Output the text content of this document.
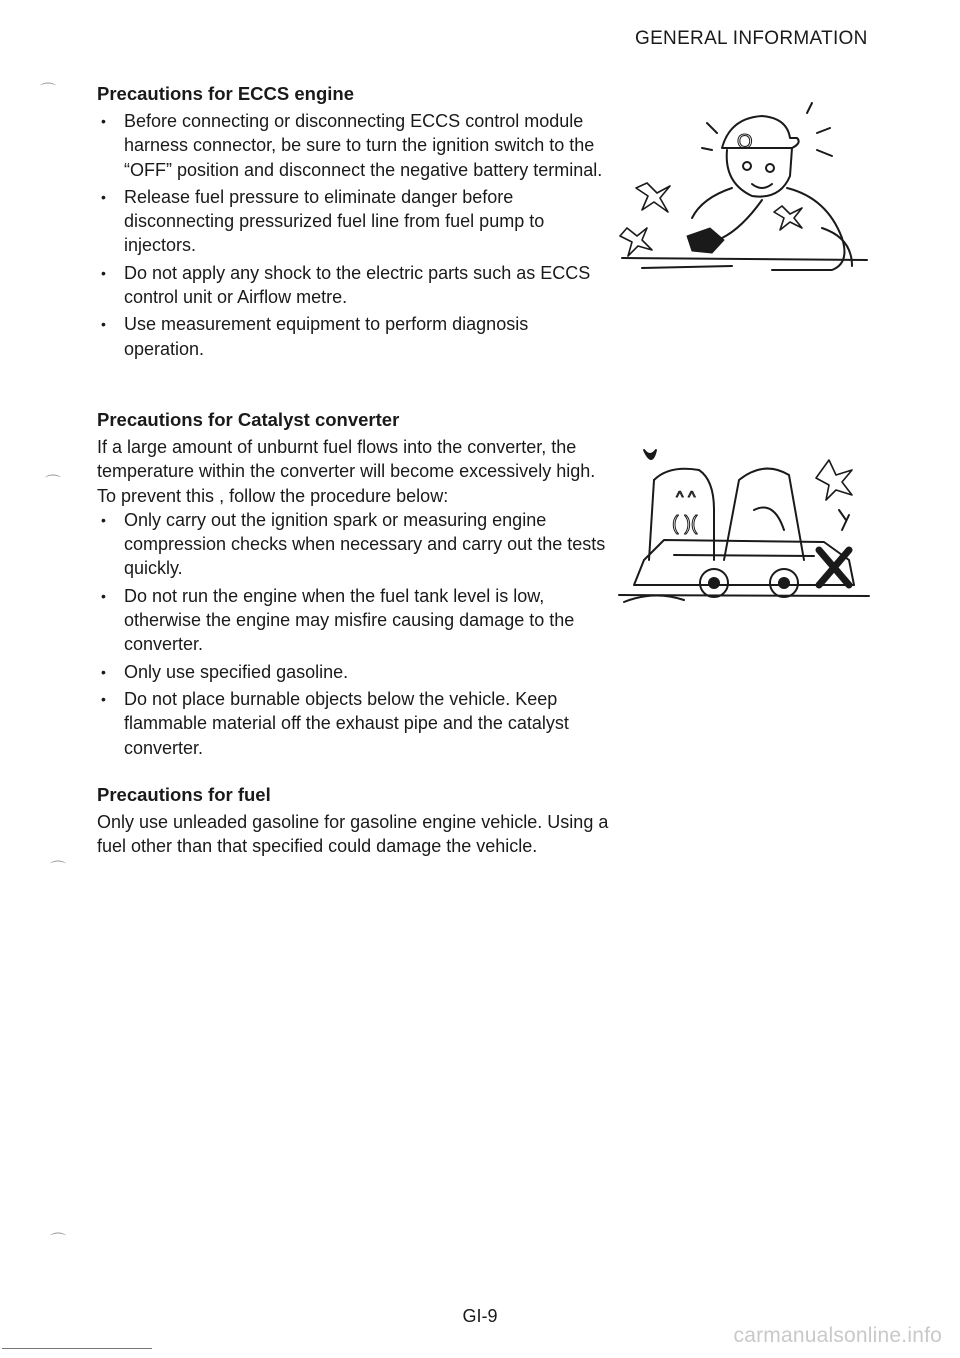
GENERAL INFORMATION
Precautions for ECCS engine
• Before connecting or disconnecting ECCS control module harness connector, be sure to turn the ignition switch to the “OFF” position and disconnect the negative battery terminal.
• Release fuel pressure to eliminate danger before disconnecting pressurized fuel line from fuel pump to injectors.
• Do not apply any shock to the electric parts such as ECCS control unit or Airflow metre.
• Use measurement equipment to perform diagnosis operation.
Precautions for Catalyst converter

If a large amount of unburnt fuel flows into the converter, the temperature within the converter will become excessively high. To prevent this , follow the procedure below:

• Only carry out the ignition spark or measuring engine compression checks when necessary and carry out the tests quickly.
• Do not run the engine when the fuel tank level is low, otherwise the engine may misfire causing damage to the converter.
• Only use specified gasoline.
• Do not place burnable objects below the vehicle. Keep flammable material off the exhaust pipe and the catalyst converter.
Precautions for fuel

Only use unleaded gasoline for gasoline engine vehicle. Using a fuel other than that specified could damage the vehicle.

O
^ ^
( )(
⌒
⌒
⌒
⌒
GI-9
carmanualsonline.info
